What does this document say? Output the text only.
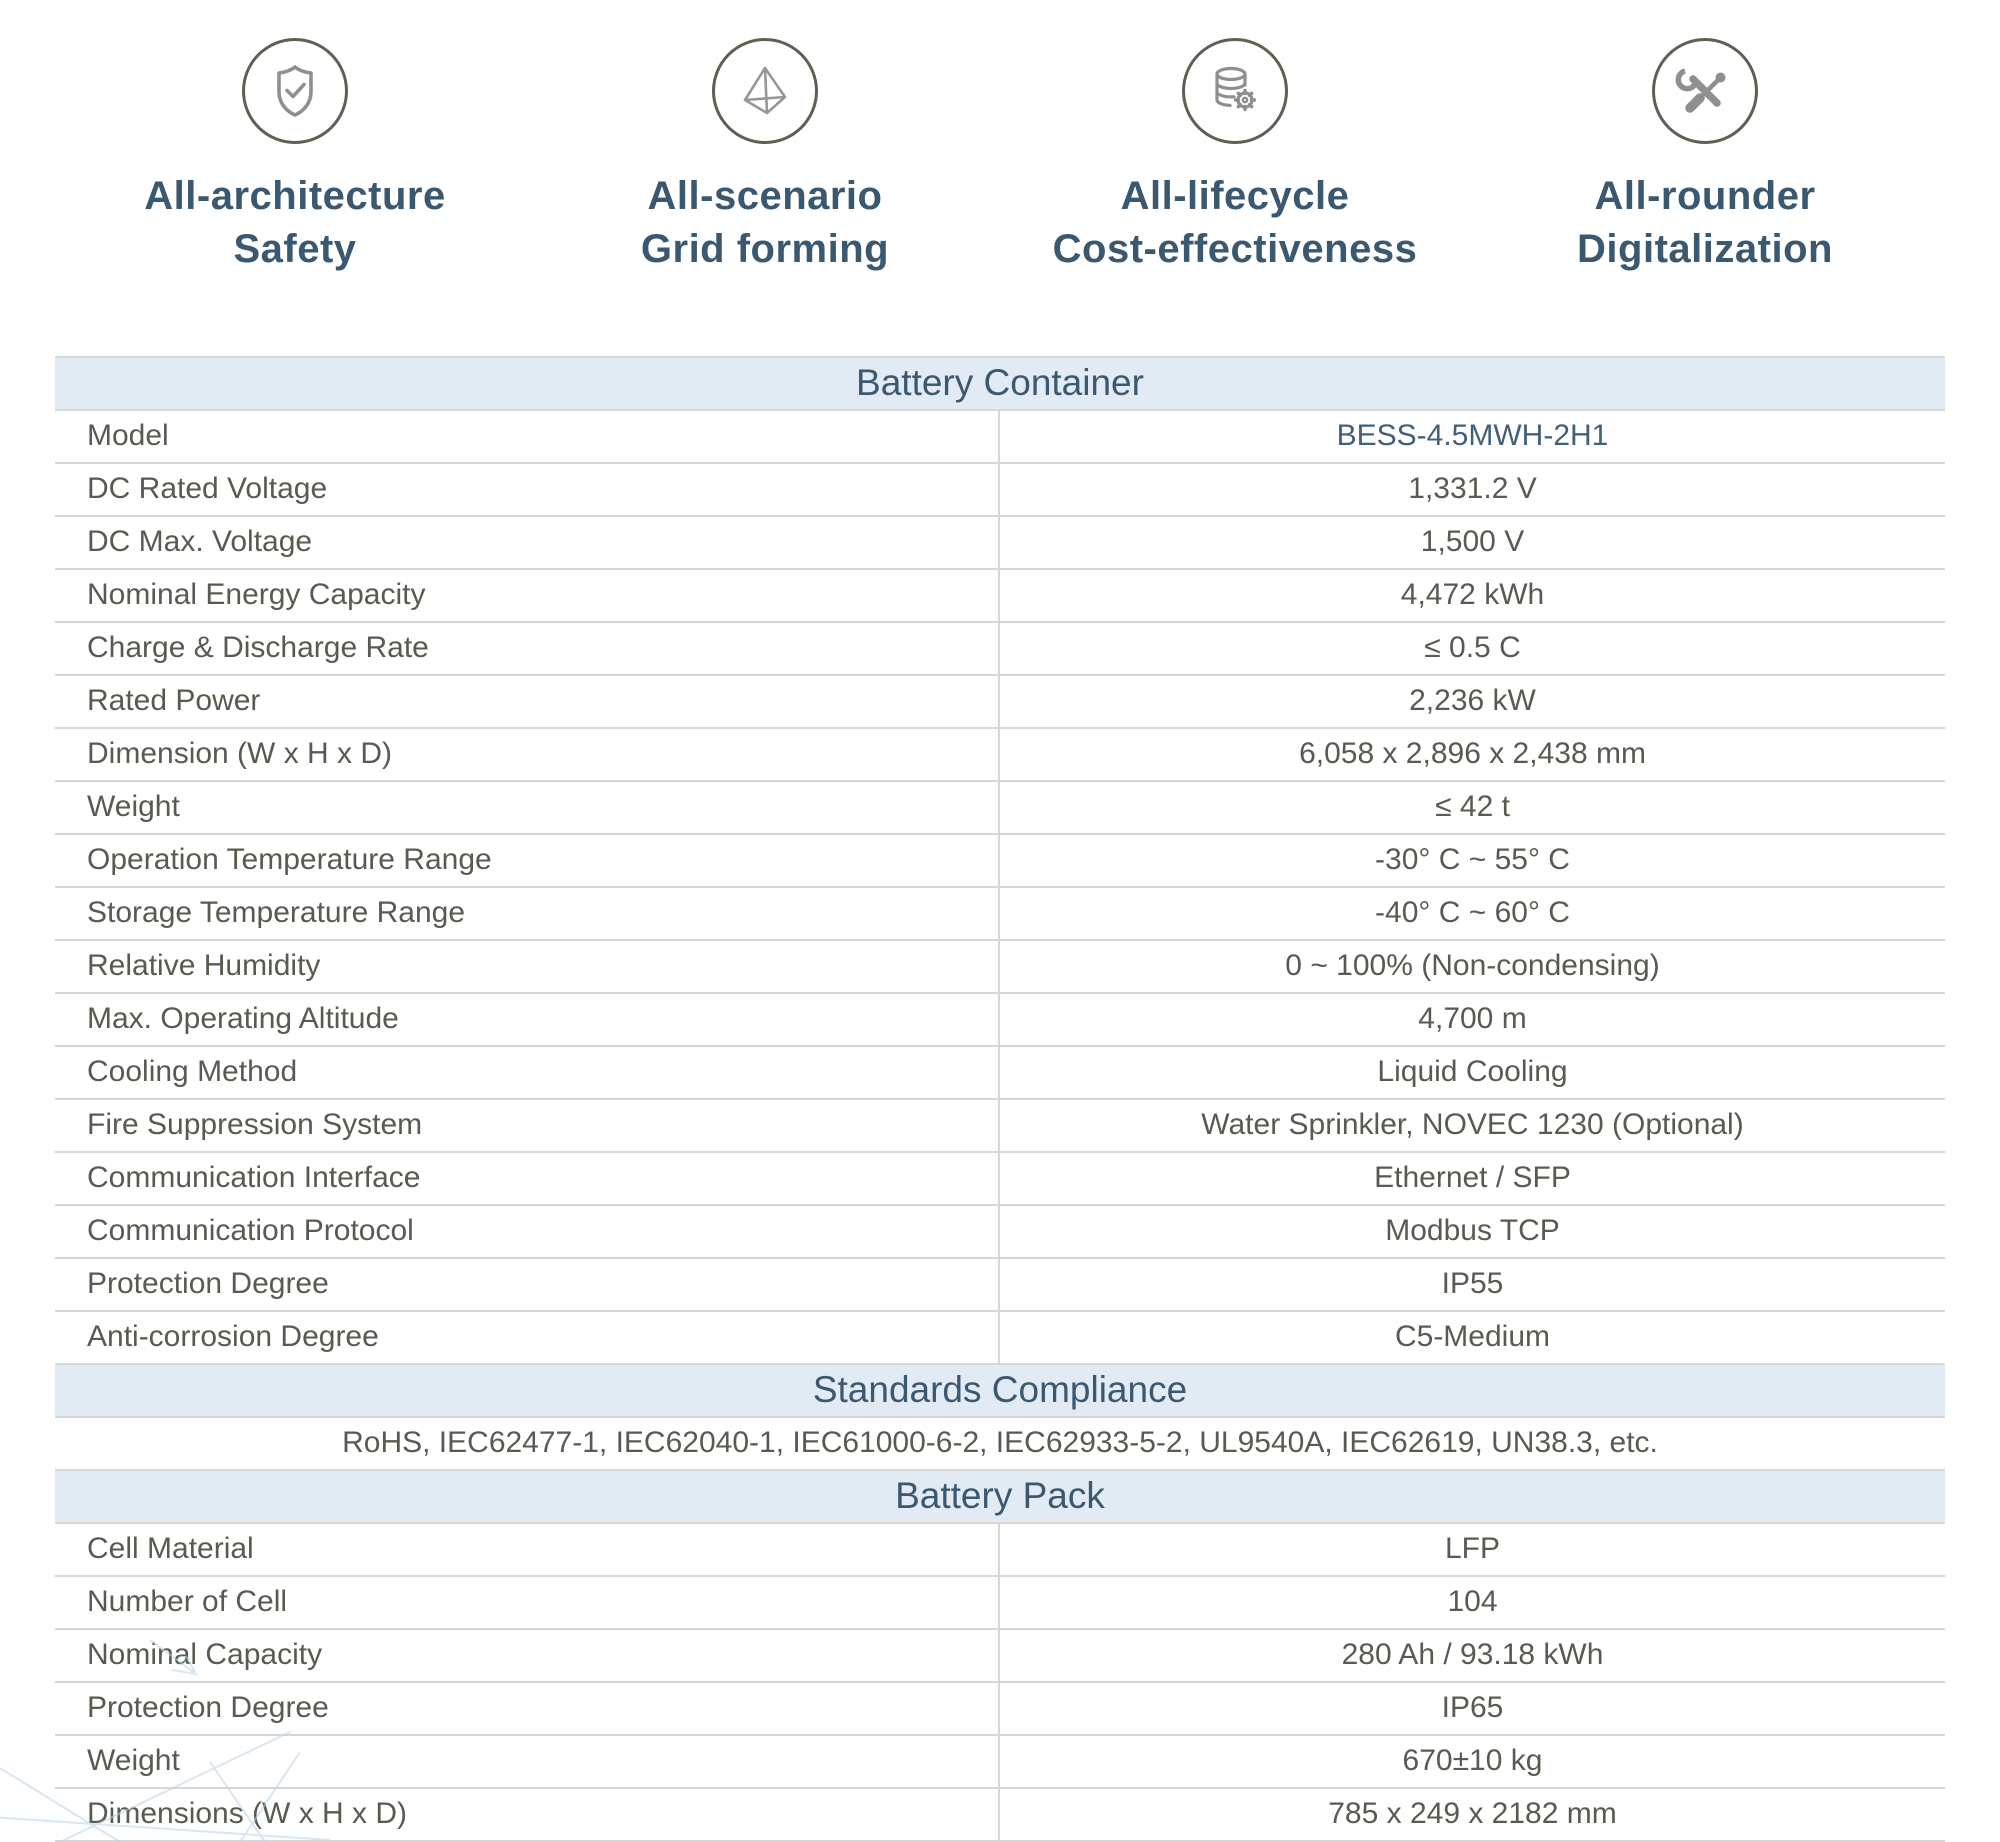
All-architecture
Safety
All-scenario
Grid forming
All-lifecycle
Cost-effectiveness
All-rounder
Digitalization
Battery Container
Model	BESS-4.5MWH-2H1
DC Rated Voltage	1,331.2 V
DC Max. Voltage	1,500 V
Nominal Energy Capacity	4,472 kWh
Charge & Discharge Rate	≤ 0.5 C
Rated Power	2,236 kW
Dimension (W x H x D)	6,058 x 2,896 x 2,438 mm
Weight	≤ 42 t
Operation Temperature Range	-30° C ~ 55° C
Storage Temperature Range	-40° C ~ 60° C
Relative Humidity	0 ~ 100% (Non-condensing)
Max. Operating Altitude	4,700 m
Cooling Method	Liquid Cooling
Fire Suppression System	Water Sprinkler, NOVEC 1230 (Optional)
Communication Interface	Ethernet / SFP
Communication Protocol	Modbus TCP
Protection Degree	IP55
Anti-corrosion Degree	C5-Medium
Standards Compliance
RoHS, IEC62477-1, IEC62040-1, IEC61000-6-2, IEC62933-5-2, UL9540A, IEC62619, UN38.3, etc.
Battery Pack
Cell Material	LFP
Number of Cell	104
Nominal Capacity	280 Ah / 93.18 kWh
Protection Degree	IP65
Weight	670±10 kg
Dimensions (W x H x D)	785 x 249 x 2182 mm
